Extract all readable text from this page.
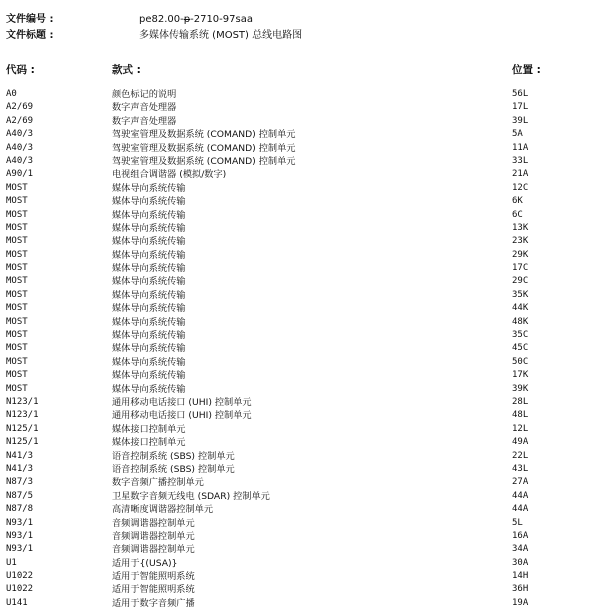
文件编号 :	pe82.00-p-2710-97saa
文件标题 :	多媒体传输系统 (MOST) 总线电路图
代码 :	款式 :	位置 :
A0	颜色标记的说明	56L
A2/69	数字声音处理器	17L
A2/69	数字声音处理器	39L
A40/3	驾驶室管理及数据系统 (COMAND) 控制单元	5A
A40/3	驾驶室管理及数据系统 (COMAND) 控制单元	11A
A40/3	驾驶室管理及数据系统 (COMAND) 控制单元	33L
A90/1	电视组合调谐器 (模拟/数字)	21A
MOST	媒体导向系统传输	12C
MOST	媒体导向系统传输	6K
MOST	媒体导向系统传输	6C
MOST	媒体导向系统传输	13K
MOST	媒体导向系统传输	23K
MOST	媒体导向系统传输	29K
MOST	媒体导向系统传输	17C
MOST	媒体导向系统传输	29C
MOST	媒体导向系统传输	35K
MOST	媒体导向系统传输	44K
MOST	媒体导向系统传输	48K
MOST	媒体导向系统传输	35C
MOST	媒体导向系统传输	45C
MOST	媒体导向系统传输	50C
MOST	媒体导向系统传输	17K
MOST	媒体导向系统传输	39K
N123/1	通用移动电话接口 (UHI) 控制单元	28L
N123/1	通用移动电话接口 (UHI) 控制单元	48L
N125/1	媒体接口控制单元	12L
N125/1	媒体接口控制单元	49A
N41/3	语音控制系统 (SBS) 控制单元	22L
N41/3	语音控制系统 (SBS) 控制单元	43L
N87/3	数字音频广播控制单元	27A
N87/5	卫星数字音频无线电 (SDAR) 控制单元	44A
N87/8	高清晰度调谐器控制单元	44A
N93/1	音频调谐器控制单元	5L
N93/1	音频调谐器控制单元	16A
N93/1	音频调谐器控制单元	34A
U1	适用于{(USA)}	30A
U1022	适用于智能照明系统	14H
U1022	适用于智能照明系统	36H
U141	适用于数字音频广播	19A
